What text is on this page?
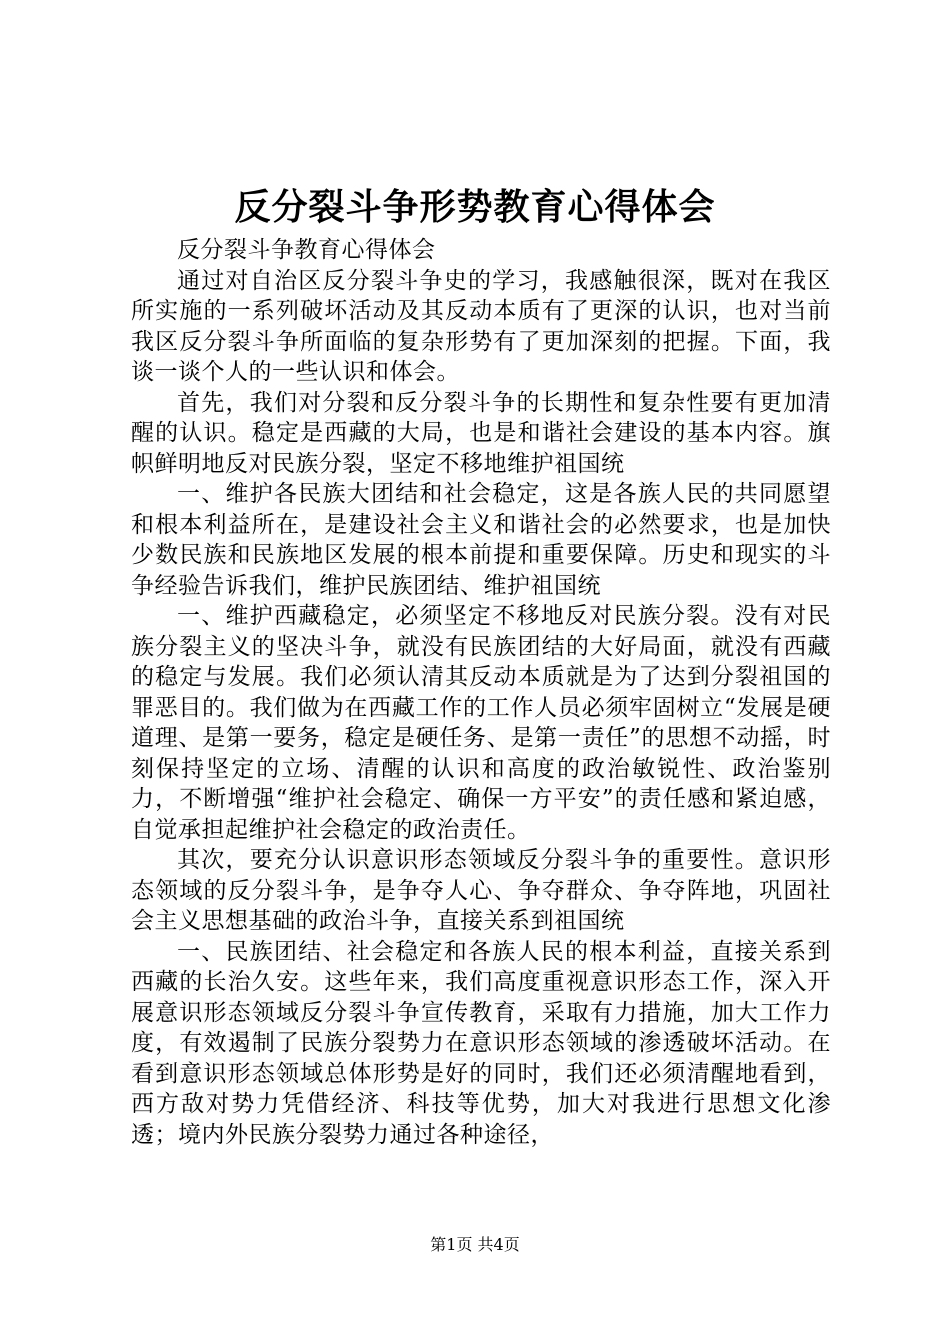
反分裂斗争形势教育心得体会

反分裂斗争教育心得体会

通过对自治区反分裂斗争史的学习，我感触很深，既对在我区所实施的一系列破坏活动及其反动本质有了更深的认识，也对当前我区反分裂斗争所面临的复杂形势有了更加深刻的把握。下面，我谈一谈个人的一些认识和体会。

首先，我们对分裂和反分裂斗争的长期性和复杂性要有更加清醒的认识。稳定是西藏的大局，也是和谐社会建设的基本内容。旗帜鲜明地反对民族分裂，坚定不移地维护祖国统

一、维护各民族大团结和社会稳定，这是各族人民的共同愿望和根本利益所在，是建设社会主义和谐社会的必然要求，也是加快少数民族和民族地区发展的根本前提和重要保障。历史和现实的斗争经验告诉我们，维护民族团结、维护祖国统

一、维护西藏稳定，必须坚定不移地反对民族分裂。没有对民族分裂主义的坚决斗争，就没有民族团结的大好局面，就没有西藏的稳定与发展。我们必须认清其反动本质就是为了达到分裂祖国的罪恶目的。我们做为在西藏工作的工作人员必须牢固树立“发展是硬道理、是第一要务，稳定是硬任务、是第一责任”的思想不动摇，时刻保持坚定的立场、清醒的认识和高度的政治敏锐性、政治鉴别力，不断增强“维护社会稳定、确保一方平安”的责任感和紧迫感，自觉承担起维护社会稳定的政治责任。

其次，要充分认识意识形态领域反分裂斗争的重要性。意识形态领域的反分裂斗争，是争夺人心、争夺群众、争夺阵地，巩固社会主义思想基础的政治斗争，直接关系到祖国统

一、民族团结、社会稳定和各族人民的根本利益，直接关系到西藏的长治久安。这些年来，我们高度重视意识形态工作，深入开展意识形态领域反分裂斗争宣传教育，采取有力措施，加大工作力度，有效遏制了民族分裂势力在意识形态领域的渗透破坏活动。在看到意识形态领域总体形势是好的同时，我们还必须清醒地看到，西方敌对势力凭借经济、科技等优势，加大对我进行思想文化渗透；境内外民族分裂势力通过各种途径，

第1页 共4页
